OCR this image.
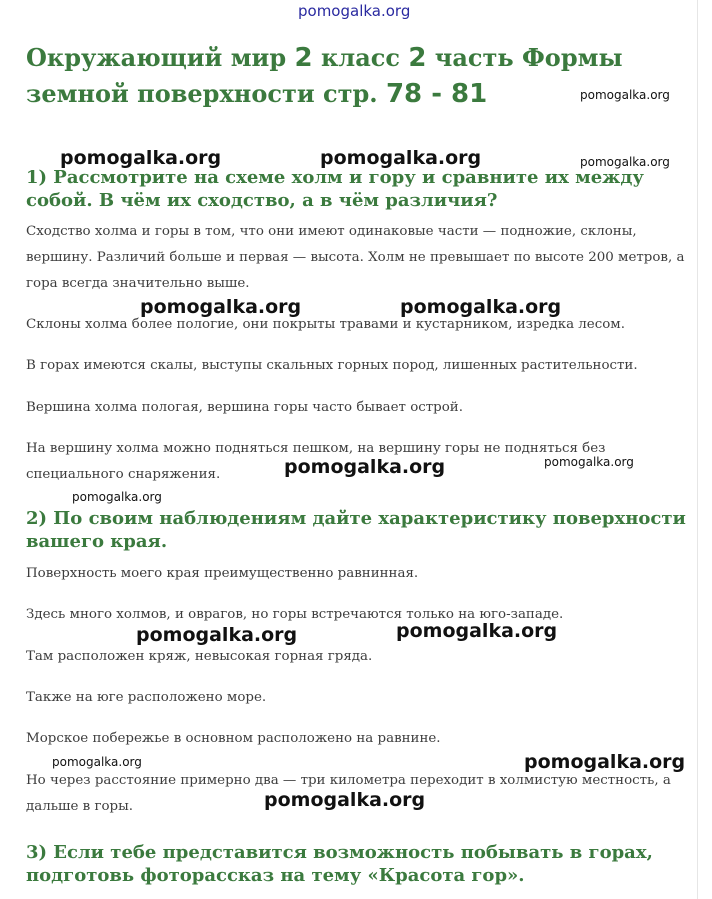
pomogalka.org
Окружающий мир 2 класс 2 часть Формы земной поверхности стр. 78 - 81
1) Рассмотрите на схеме холм и гору и сравните их между собой. В чём их сходство, а в чём различия?

Сходство холма и горы в том, что они имеют одинаковые части — подножие, склоны, вершину. Различий больше и первая — высота. Холм не превышает по высоте 200 метров, а гора всегда значительно выше.

Склоны холма более пологие, они покрыты травами и кустарником, изредка лесом.

В горах имеются скалы, выступы скальных горных пород, лишенных растительности.

Вершина холма пологая, вершина горы часто бывает острой.

На вершину холма можно подняться пешком, на вершину горы не подняться без специального снаряжения.

2) По своим наблюдениям дайте характеристику поверхности вашего края.

Поверхность моего края преимущественно равнинная.

Здесь много холмов, и оврагов, но горы встречаются только на юго-западе.

Там расположен кряж, невысокая горная гряда.

Также на юге расположено море.

Морское побережье в основном расположено на равнине.

Но через расстояние примерно два — три километра переходит в холмистую местность, а дальше в горы.

3) Если тебе представится возможность побывать в горах, подготовь фотоpaccкaз на тему «Красота гор».
pomogalka.org
pomogalka.org	pomogalka.org	pomogalka.org
pomogalka.org	pomogalka.org
pomogalka.org	pomogalka.org
pomogalka.org
pomogalka.org
pomogalka.org
pomogalka.org
pomogalka.org
pomogalka.org
